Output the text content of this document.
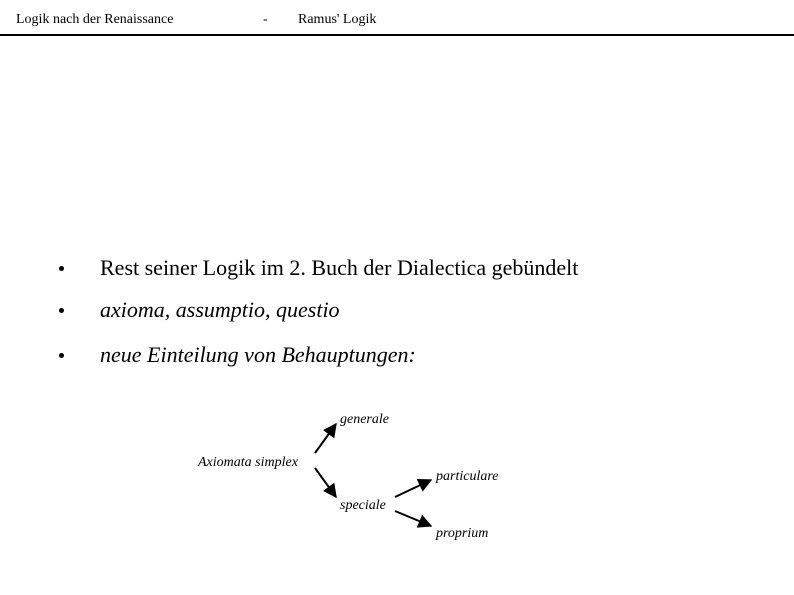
Logik nach der Renaissance	- Ramus' Logik
Rest seiner Logik im 2. Buch der Dialectica gebündelt
axioma, assumptio, questio
neue Einteilung von Behauptungen:
generale
Axiomata simplex
particulare
speciale
proprium
